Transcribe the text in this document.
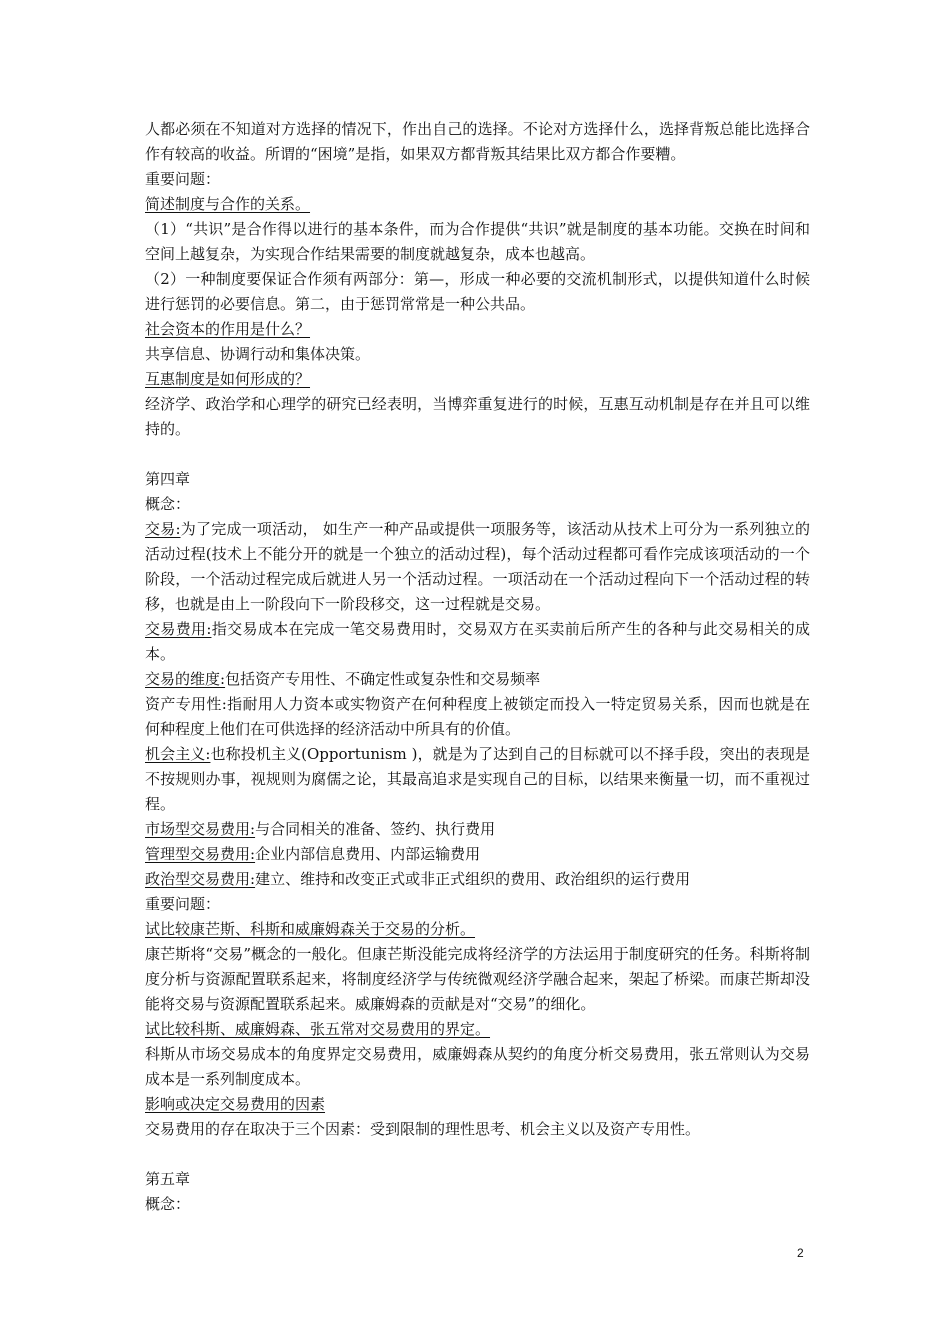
人都必须在不知道对方选择的情况下，作出自己的选择。不论对方选择什么，选择背叛总能比选择合作有较高的收益。所谓的“困境”是指，如果双方都背叛其结果比双方都合作要糟。
重要问题：
简述制度与合作的关系。
（1）“共识”是合作得以进行的基本条件，而为合作提供“共识”就是制度的基本功能。交换在时间和空间上越复杂，为实现合作结果需要的制度就越复杂，成本也越高。
（2）一种制度要保证合作须有两部分：第—，形成一种必要的交流机制形式，以提供知道什么时候进行惩罚的必要信息。第二，由于惩罚常常是一种公共品。
社会资本的作用是什么？
共享信息、协调行动和集体决策。
互惠制度是如何形成的？
经济学、政治学和心理学的研究已经表明，当博弈重复进行的时候，互惠互动机制是存在并且可以维持的。
第四章
概念：
交易:为了完成一项活动， 如生产一种产品或提供一项服务等，该活动从技术上可分为一系列独立的活动过程(技术上不能分开的就是一个独立的活动过程)，每个活动过程都可看作完成该项活动的一个阶段，一个活动过程完成后就进人另一个活动过程。一项活动在一个活动过程向下一个活动过程的转移，也就是由上一阶段向下一阶段移交，这一过程就是交易。
交易费用:指交易成本在完成一笔交易费用时，交易双方在买卖前后所产生的各种与此交易相关的成本。
交易的维度:包括资产专用性、不确定性或复杂性和交易频率
资产专用性:指耐用人力资本或实物资产在何种程度上被锁定而投入一特定贸易关系，因而也就是在何种程度上他们在可供选择的经济活动中所具有的价值。
机会主义:也称投机主义(Opportunism )，就是为了达到自己的目标就可以不择手段，突出的表现是不按规则办事，视规则为腐儒之论，其最高追求是实现自己的目标，以结果来衡量一切，而不重视过程。
市场型交易费用:与合同相关的准备、签约、执行费用
管理型交易费用:企业内部信息费用、内部运输费用
政治型交易费用:建立、维持和改变正式或非正式组织的费用、政治组织的运行费用
重要问题：
试比较康芒斯、科斯和威廉姆森关于交易的分析。
康芒斯将“交易”概念的一般化。但康芒斯没能完成将经济学的方法运用于制度研究的任务。科斯将制度分析与资源配置联系起来，将制度经济学与传统微观经济学融合起来，架起了桥梁。而康芒斯却没能将交易与资源配置联系起来。威廉姆森的贡献是对“交易”的细化。
试比较科斯、威廉姆森、张五常对交易费用的界定。
科斯从市场交易成本的角度界定交易费用，威廉姆森从契约的角度分析交易费用，张五常则认为交易成本是一系列制度成本。
影响或决定交易费用的因素
交易费用的存在取决于三个因素：受到限制的理性思考、机会主义以及资产专用性。
第五章
概念：
2
